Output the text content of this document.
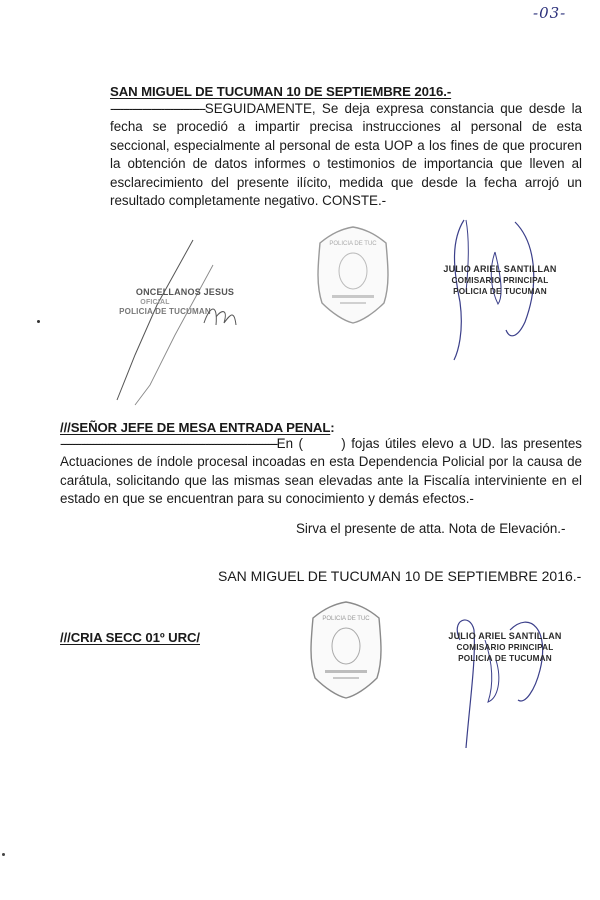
-03-
SAN MIGUEL DE TUCUMAN 10 DE SEPTIEMBRE 2016.-
------------------------------SEGUIDAMENTE, Se deja expresa constancia que desde la fecha se procedió a impartir precisa instrucciones al personal de esta seccional, especialmente al personal de esta UOP a los fines de que procuren la obtención de datos informes o testimonios de importancia que lleven al esclarecimiento del presente ilícito, medida que desde la fecha arrojó un resultado completamente negativo. CONSTE.-
ONCELLANOS JESUS
OFICIAL
POLICIA DE TUCUMAN
POLICIA DE TUC
JULIO ARIEL SANTILLAN
COMISARIO PRINCIPAL
POLICIA DE TUCUMAN
///SEÑOR JEFE DE MESA ENTRADA PENAL:
------------------------------------------------------------------------En (       ) fojas útiles elevo a UD. las presentes Actuaciones de índole procesal incoadas en esta Dependencia Policial por la causa de carátula, solicitando que las mismas sean elevadas ante la Fiscalía interviniente en el estado en que se encuentran para su conocimiento y demás efectos.-
Sirva el presente de atta. Nota de Elevación.-
SAN MIGUEL DE TUCUMAN 10 DE SEPTIEMBRE 2016.-
///CRIA SECC 01º URC/
POLICIA DE TUC
JULIO ARIEL SANTILLAN
COMISARIO PRINCIPAL
POLICIA DE TUCUMAN
